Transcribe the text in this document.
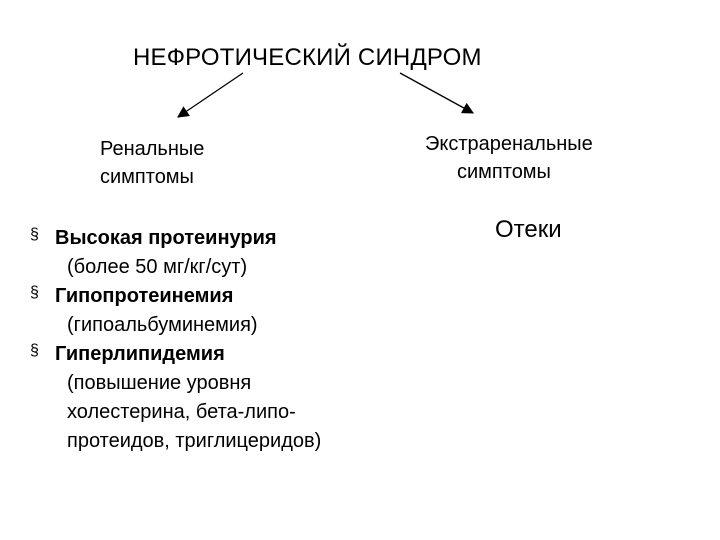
НЕФРОТИЧЕСКИЙ СИНДРОМ
Ренальные
симптомы
Экстраренальные
симптомы
Отеки
§ Высокая протеинурия
(более 50 мг/кг/сут)
§ Гипопротеинемия
(гипоальбуминемия)
§ Гиперлипидемия
(повышение уровня
холестерина, бета-липо-
протеидов, триглицеридов)
